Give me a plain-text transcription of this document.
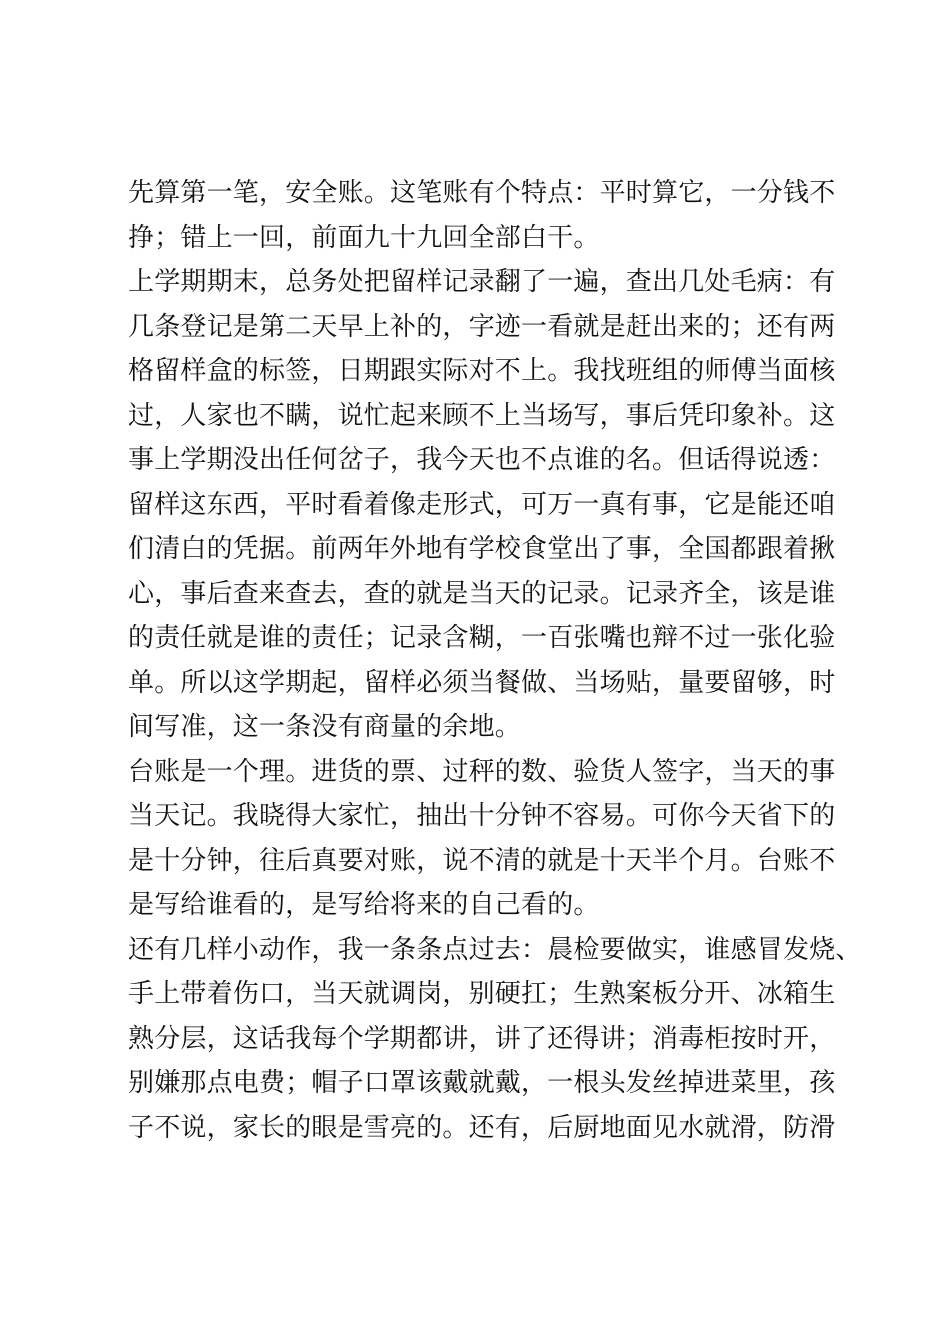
先算第一笔，安全账。这笔账有个特点：平时算它，一分钱不
挣；错上一回，前面九十九回全部白干。
上学期期末，总务处把留样记录翻了一遍，查出几处毛病：有
几条登记是第二天早上补的，字迹一看就是赶出来的；还有两
格留样盒的标签，日期跟实际对不上。我找班组的师傅当面核
过，人家也不瞒，说忙起来顾不上当场写，事后凭印象补。这
事上学期没出任何岔子，我今天也不点谁的名。但话得说透：
留样这东西，平时看着像走形式，可万一真有事，它是能还咱
们清白的凭据。前两年外地有学校食堂出了事，全国都跟着揪
心，事后查来查去，查的就是当天的记录。记录齐全，该是谁
的责任就是谁的责任；记录含糊，一百张嘴也辩不过一张化验
单。所以这学期起，留样必须当餐做、当场贴，量要留够，时
间写准，这一条没有商量的余地。
台账是一个理。进货的票、过秤的数、验货人签字，当天的事
当天记。我晓得大家忙，抽出十分钟不容易。可你今天省下的
是十分钟，往后真要对账，说不清的就是十天半个月。台账不
是写给谁看的，是写给将来的自己看的。
还有几样小动作，我一条条点过去：晨检要做实，谁感冒发烧、
手上带着伤口，当天就调岗，别硬扛；生熟案板分开、冰箱生
熟分层，这话我每个学期都讲，讲了还得讲；消毒柜按时开，
别嫌那点电费；帽子口罩该戴就戴，一根头发丝掉进菜里，孩
子不说，家长的眼是雪亮的。还有，后厨地面见水就滑，防滑
